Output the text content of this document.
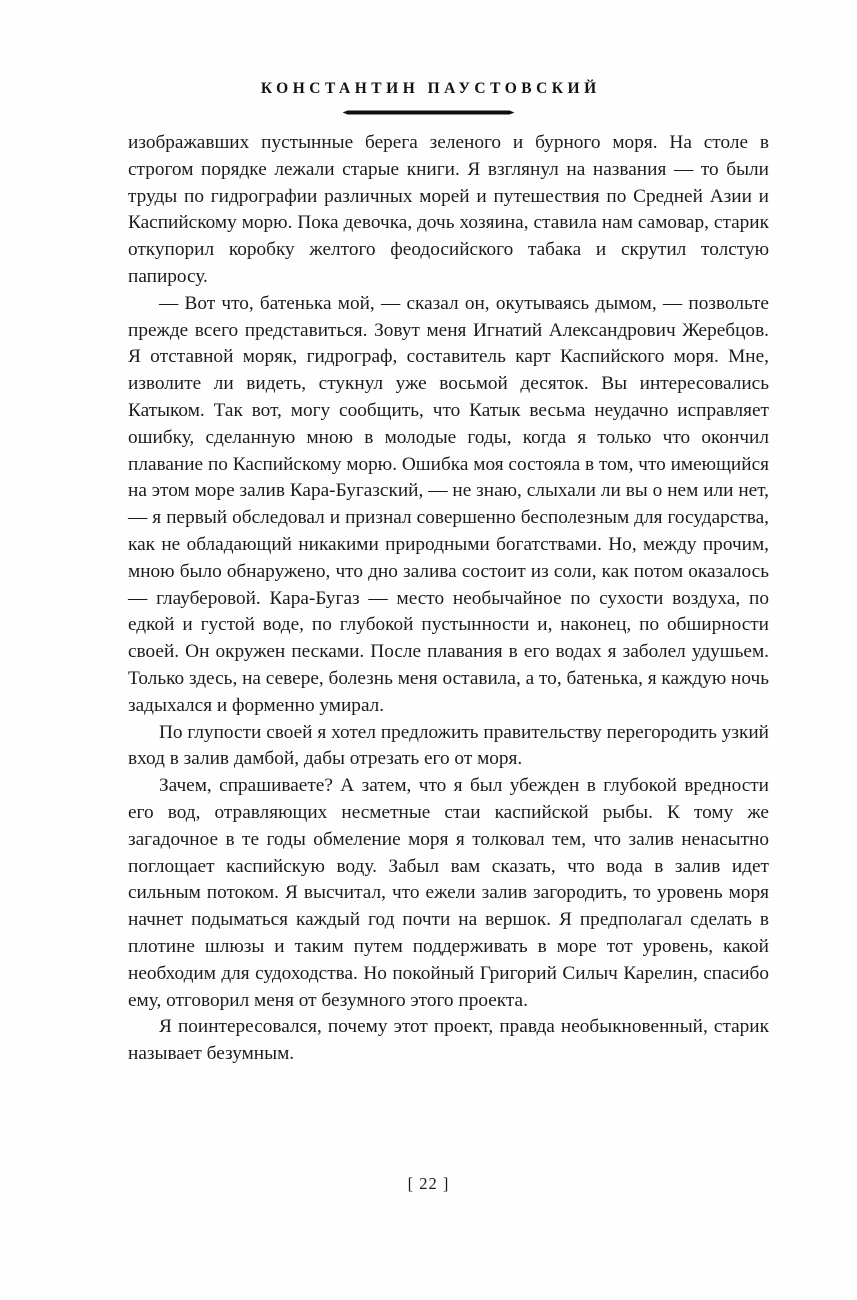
КОНСТАНТИН ПАУСТОВСКИЙ

изображавших пустынные берега зеленого и бурного моря. На столе в строгом порядке лежали старые книги. Я взглянул на названия — то были труды по гидрографии различных морей и путешествия по Средней Азии и Каспийскому морю. Пока девочка, дочь хозяина, ставила нам самовар, старик откупорил коробку желтого феодосийского табака и скрутил толстую папиросу.

— Вот что, батенька мой, — сказал он, окутываясь дымом, — позвольте прежде всего представиться. Зовут меня Игнатий Александрович Жеребцов. Я отставной моряк, гидрограф, составитель карт Каспийского моря. Мне, изволите ли видеть, стукнул уже восьмой десяток. Вы интересовались Катыком. Так вот, могу сообщить, что Катык весьма неудачно исправляет ошибку, сделанную мною в молодые годы, когда я только что окончил плавание по Каспийскому морю. Ошибка моя состояла в том, что имеющийся на этом море залив Кара-Бугазский, — не знаю, слыхали ли вы о нем или нет, — я первый обследовал и признал совершенно бесполезным для государства, как не обладающий никакими природными богатствами. Но, между прочим, мною было обнаружено, что дно залива состоит из соли, как потом оказалось — глауберовой. Кара-Бугаз — место необычайное по сухости воздуха, по едкой и густой воде, по глубокой пустынности и, наконец, по обширности своей. Он окружен песками. После плавания в его водах я заболел удушьем. Только здесь, на севере, болезнь меня оставила, а то, батенька, я каждую ночь задыхался и форменно умирал.

По глупости своей я хотел предложить правительству перегородить узкий вход в залив дамбой, дабы отрезать его от моря.

Зачем, спрашиваете? А затем, что я был убежден в глубокой вредности его вод, отравляющих несметные стаи каспийской рыбы. К тому же загадочное в те годы обмеление моря я толковал тем, что залив ненасытно поглощает каспийскую воду. Забыл вам сказать, что вода в залив идет сильным потоком. Я высчитал, что ежели залив загородить, то уровень моря начнет подыматься каждый год почти на вершок. Я предполагал сделать в плотине шлюзы и таким путем поддерживать в море тот уровень, какой необходим для судоходства. Но покойный Григорий Силыч Карелин, спасибо ему, отговорил меня от безумного этого проекта.

Я поинтересовался, почему этот проект, правда необыкновенный, старик называет безумным.

[ 22 ]
